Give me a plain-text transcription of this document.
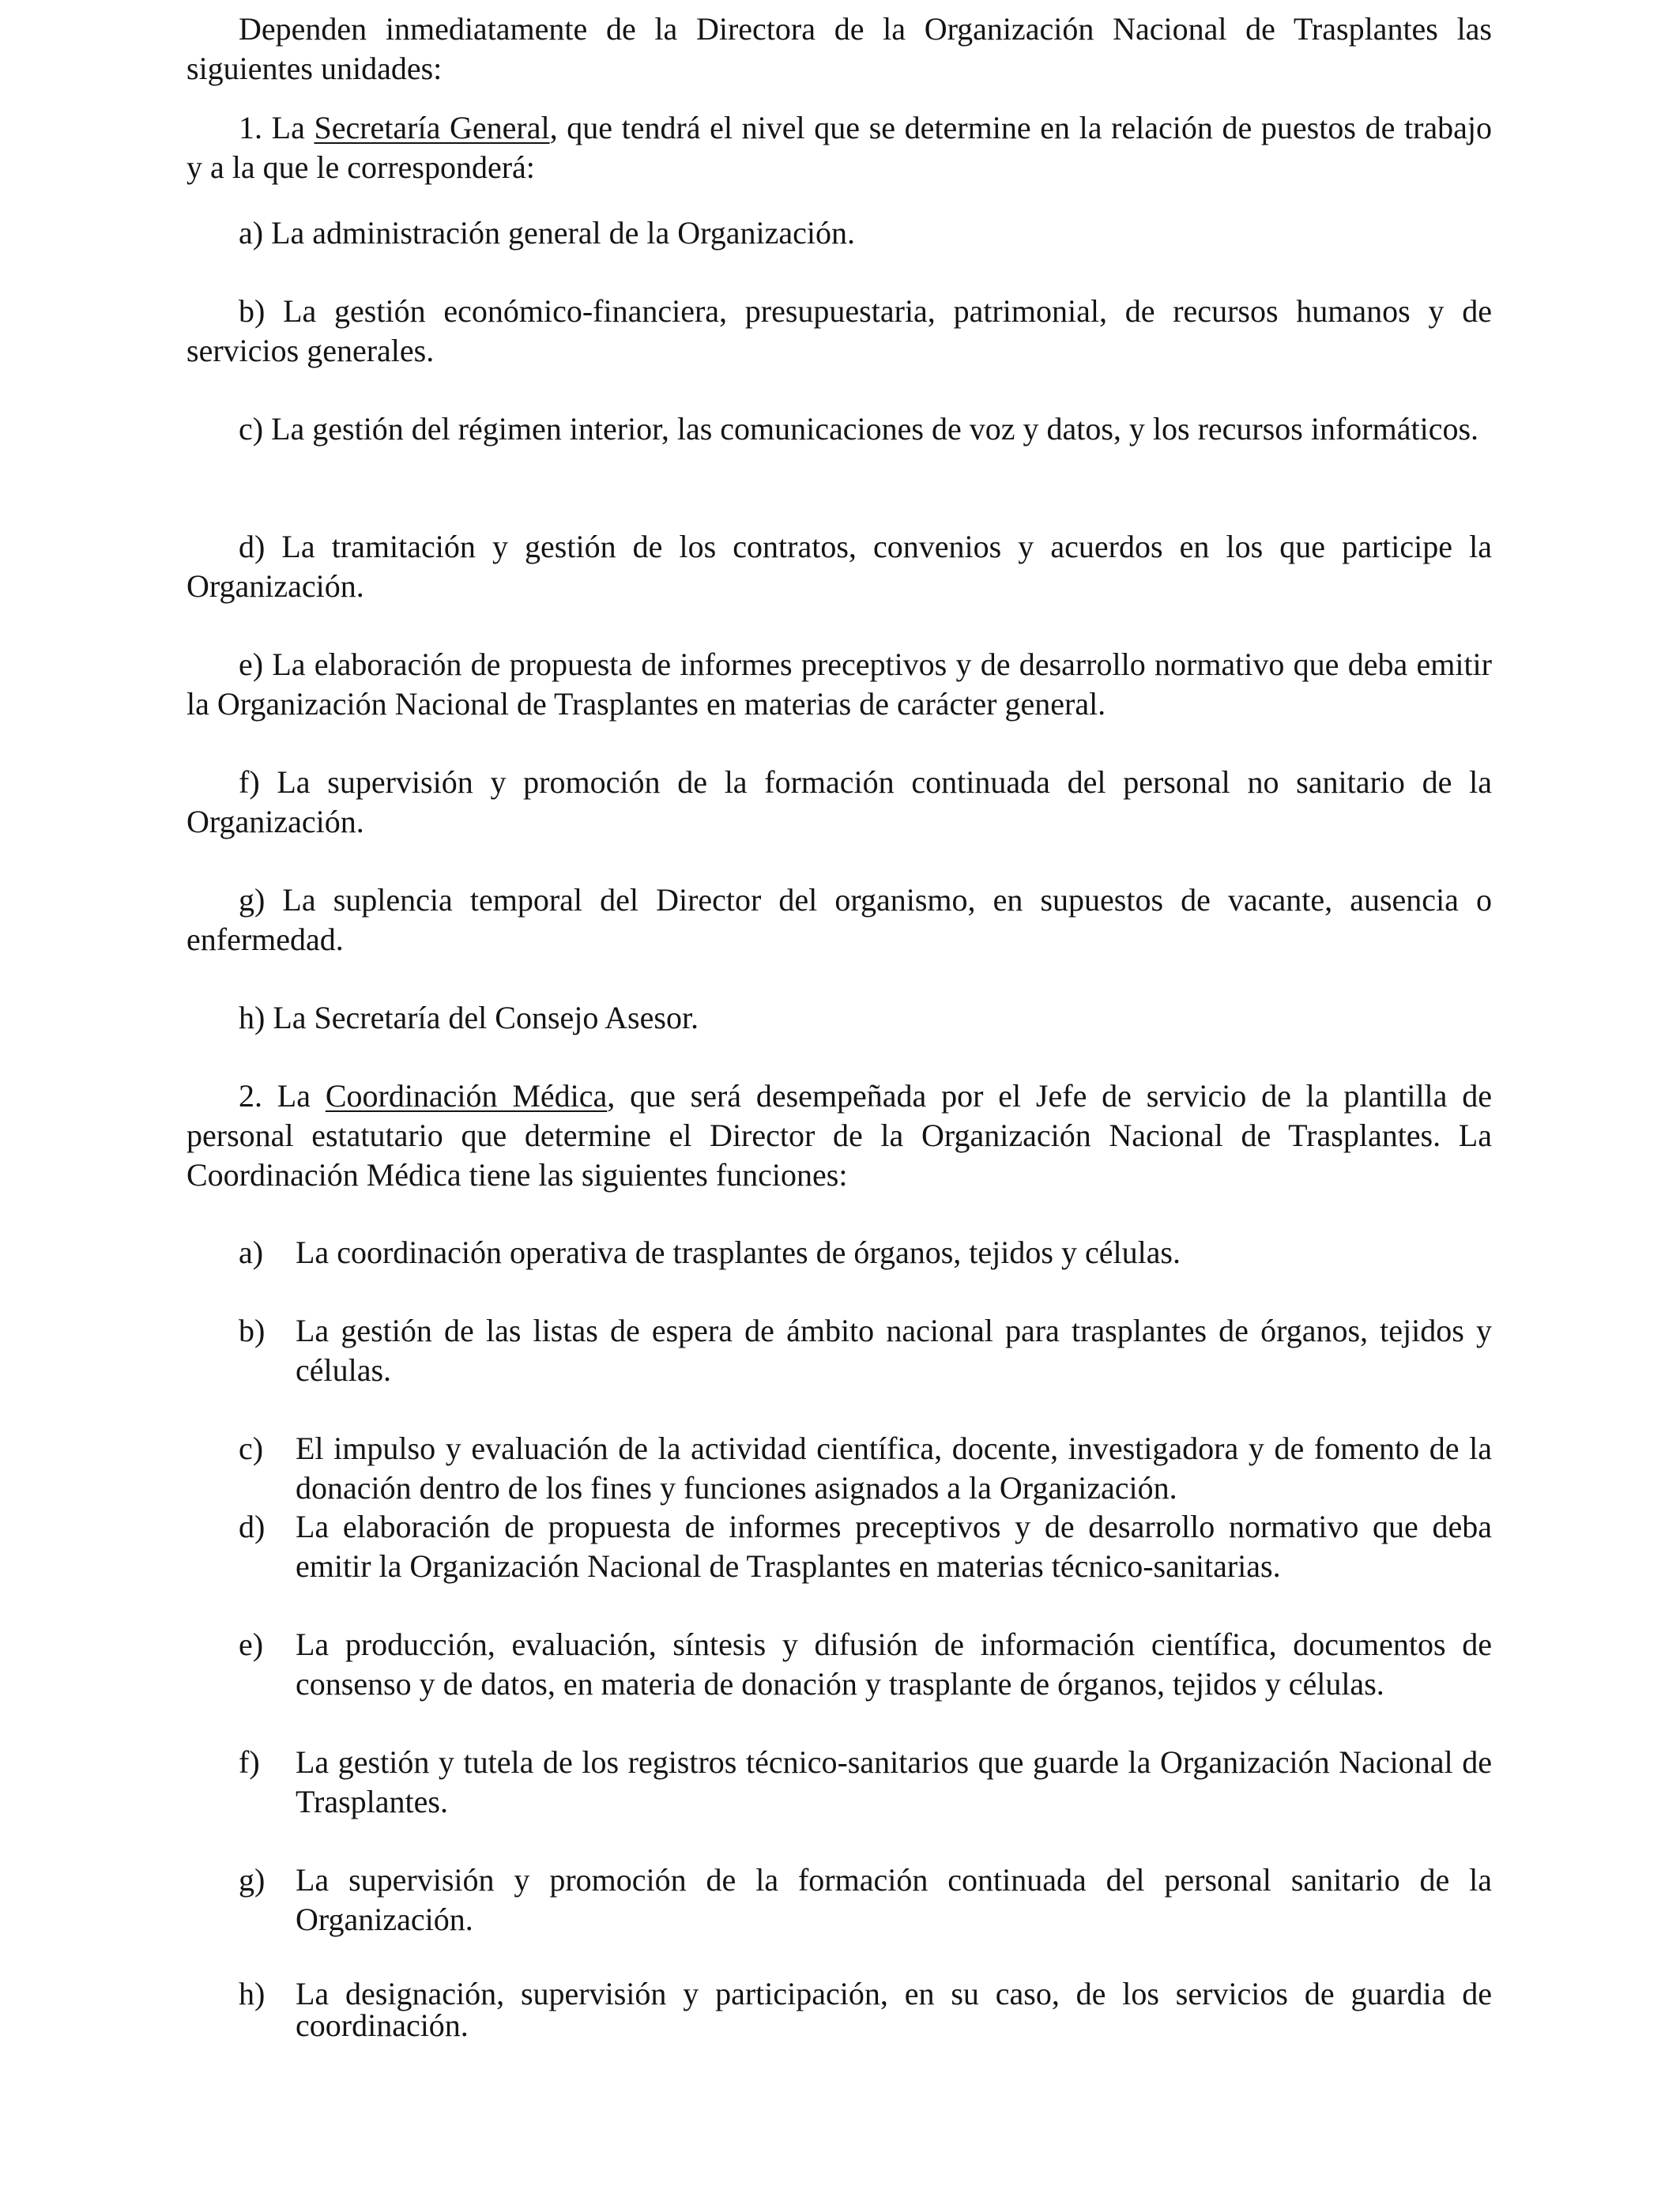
Dependen inmediatamente de la Directora de la Organización Nacional de Trasplantes las siguientes unidades:

1. La Secretaría General, que tendrá el nivel que se determine en la relación de puestos de trabajo y a la que le corresponderá:

a) La administración general de la Organización.

b) La gestión económico-financiera, presupuestaria, patrimonial, de recursos humanos y de servicios generales.

c) La gestión del régimen interior, las comunicaciones de voz y datos, y los recursos informáticos.

d) La tramitación y gestión de los contratos, convenios y acuerdos en los que participe la Organización.

e) La elaboración de propuesta de informes preceptivos y de desarrollo normativo que deba emitir la Organización Nacional de Trasplantes en materias de carácter general.

f) La supervisión y promoción de la formación continuada del personal no sanitario de la Organización.

g) La suplencia temporal del Director del organismo, en supuestos de vacante, ausencia o enfermedad.

h) La Secretaría del Consejo Asesor.

2. La Coordinación Médica, que será desempeñada por el Jefe de servicio de la plantilla de personal estatutario que determine el Director de la Organización Nacional de Trasplantes. La Coordinación Médica tiene las siguientes funciones:

a)	La coordinación operativa de trasplantes de órganos, tejidos y células.
b) La gestión de las listas de espera de ámbito nacional para trasplantes de órganos, tejidos y células.
c)	El impulso y evaluación de la actividad científica, docente, investigadora y de fomento de la donación dentro de los fines y funciones asignados a la Organización.
d) La elaboración de propuesta de informes preceptivos y de desarrollo normativo que deba emitir la Organización Nacional de Trasplantes en materias técnico-sanitarias.
e)	La producción, evaluación, síntesis y difusión de información científica, documentos de consenso y de datos, en materia de donación y trasplante de órganos, tejidos y células.
f)	La gestión y tutela de los registros técnico-sanitarios que guarde la Organización Nacional de Trasplantes.
g) La supervisión y promoción de la formación continuada del personal sanitario de la Organización.
h) La designación, supervisión y participación, en su caso, de los servicios de guardia de coordinación.
